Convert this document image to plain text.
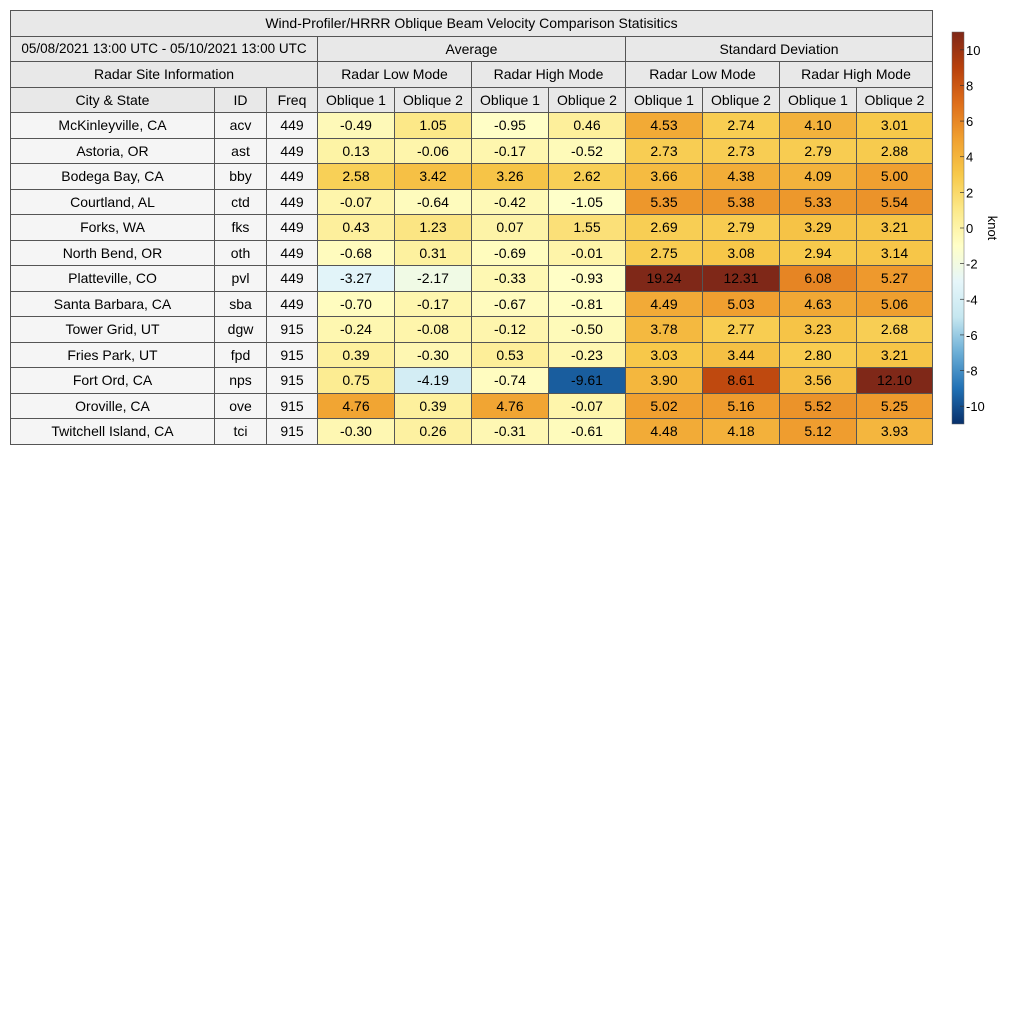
Wind-Profiler/HRRR Oblique Beam Velocity Comparison Statisitics										
05/08/2021 13:00 UTC - 05/10/2021 13:00 UTC			Average				Standard Deviation			
Radar Site Information			Radar Low Mode		Radar High Mode		Radar Low Mode		Radar High Mode	
City & State	ID	Freq	Oblique 1	Oblique 2	Oblique 1	Oblique 2	Oblique 1	Oblique 2	Oblique 1	Oblique 2
McKinleyville, CA	acv	449	-0.49	1.05	-0.95	0.46	4.53	2.74	4.10	3.01
Astoria, OR	ast	449	0.13	-0.06	-0.17	-0.52	2.73	2.73	2.79	2.88
Bodega Bay, CA	bby	449	2.58	3.42	3.26	2.62	3.66	4.38	4.09	5.00
Courtland, AL	ctd	449	-0.07	-0.64	-0.42	-1.05	5.35	5.38	5.33	5.54
Forks, WA	fks	449	0.43	1.23	0.07	1.55	2.69	2.79	3.29	3.21
North Bend, OR	oth	449	-0.68	0.31	-0.69	-0.01	2.75	3.08	2.94	3.14
Platteville, CO	pvl	449	-3.27	-2.17	-0.33	-0.93	19.24	12.31	6.08	5.27
Santa Barbara, CA	sba	449	-0.70	-0.17	-0.67	-0.81	4.49	5.03	4.63	5.06
Tower Grid, UT	dgw	915	-0.24	-0.08	-0.12	-0.50	3.78	2.77	3.23	2.68
Fries Park, UT	fpd	915	0.39	-0.30	0.53	-0.23	3.03	3.44	2.80	3.21
Fort Ord, CA	nps	915	0.75	-4.19	-0.74	-9.61	3.90	8.61	3.56	12.10
Oroville, CA	ove	915	4.76	0.39	4.76	-0.07	5.02	5.16	5.52	5.25
Twitchell Island, CA	tci	915	-0.30	0.26	-0.31	-0.61	4.48	4.18	5.12	3.93
10
8
6
4
2
0
-2
-4
-6
-8
-10
knot
